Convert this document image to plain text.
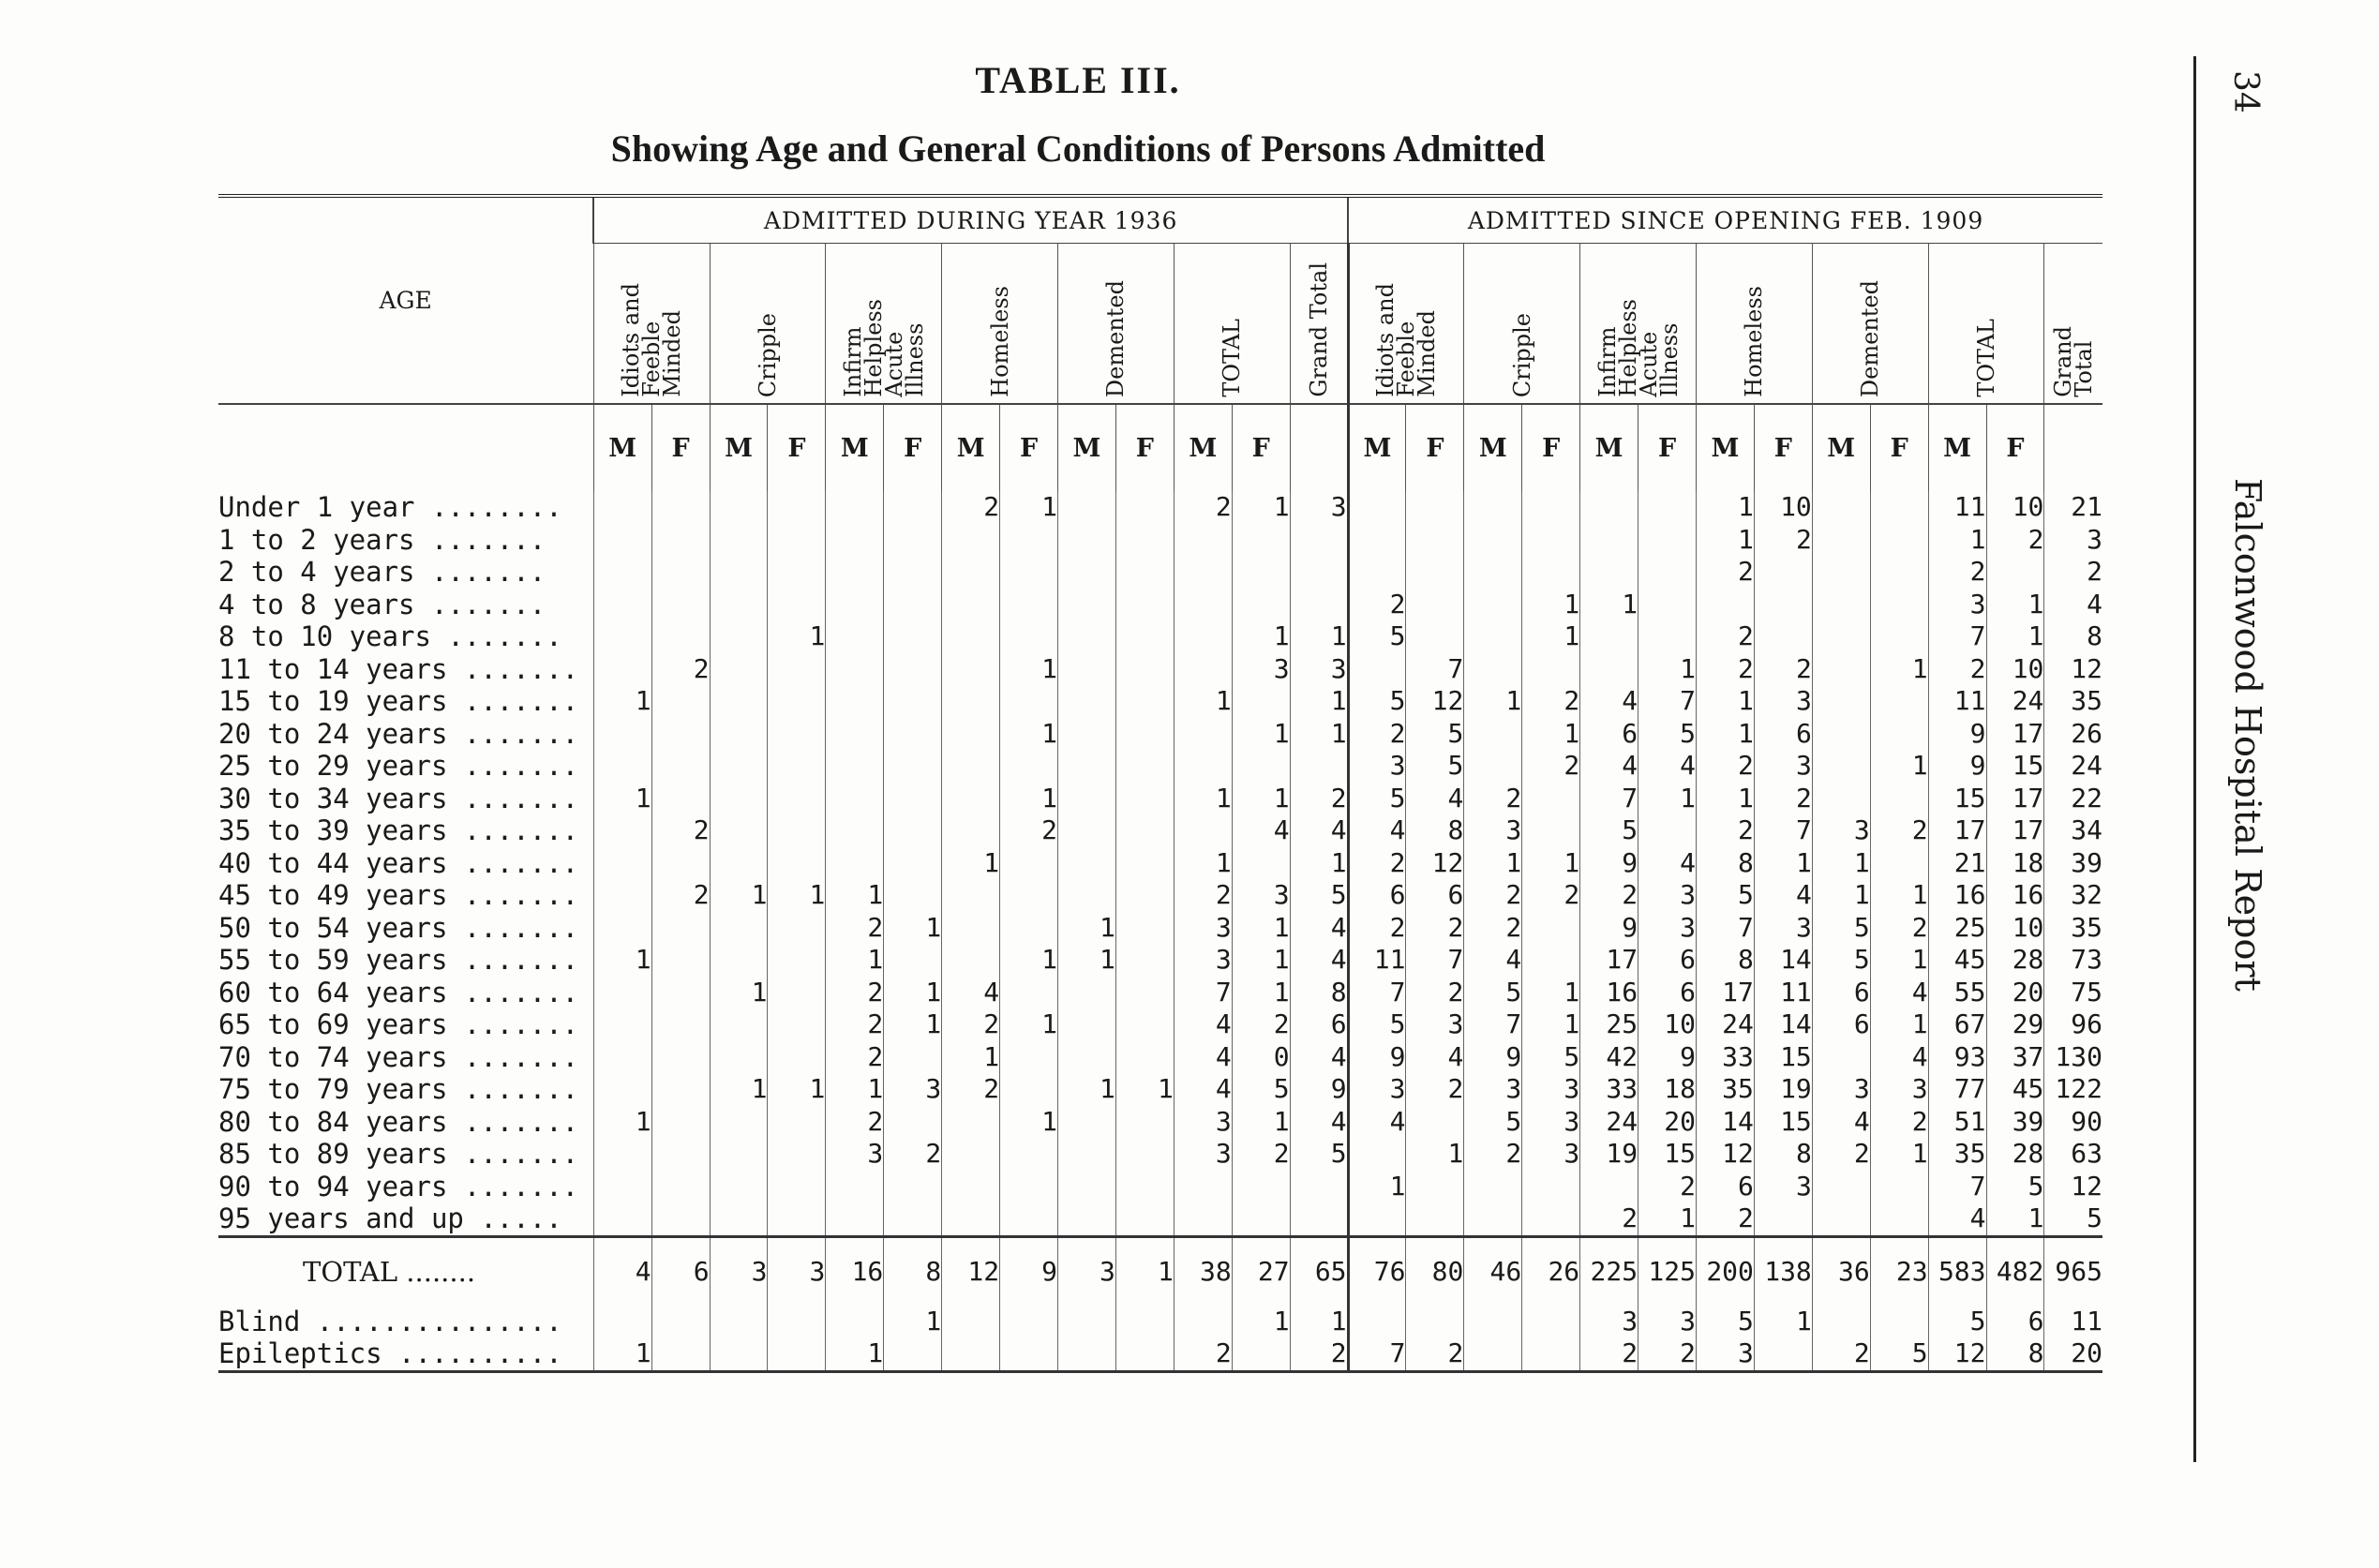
TABLE III.
Showing Age and General Conditions of Persons Admitted
34
Falconwood Hospital Report
AGE	ADMITTED DURING YEAR 1936													ADMITTED SINCE OPENING FEB. 1909												

	Idiots and
Feeble
Minded		Cripple		Infirm
Helpless
Acute
Illness		Homeless		Demented		TOTAL		Grand Total	Idiots and
Feeble
Minded		Cripple		Infirm
Helpless
Acute
Illness		Homeless		Demented		TOTAL		Grand
Total

	M	F	M	F	M	F	M	F	M	F	M	F		M	F	M	F	M	F	M	F	M	F	M	F	
Under 1 year ........							2	1			2	1	3							1	10			11	10	21
1 to 2 years .......																				1	2			1	2	3
2 to 4 years .......																				2				2		2
4 to 8 years .......														2			1	1						3	1	4
8 to 10 years .......				1								1	1	5			1			2				7	1	8
11 to 14 years .......		2						1				3	3		7				1	2	2		1	2	10	12
15 to 19 years .......	1										1		1	5	12	1	2	4	7	1	3			11	24	35
20 to 24 years .......								1				1	1	2	5		1	6	5	1	6			9	17	26
25 to 29 years .......														3	5		2	4	4	2	3		1	9	15	24
30 to 34 years .......	1							1			1	1	2	5	4	2		7	1	1	2			15	17	22
35 to 39 years .......		2						2				4	4	4	8	3		5		2	7	3	2	17	17	34
40 to 44 years .......							1				1		1	2	12	1	1	9	4	8	1	1		21	18	39
45 to 49 years .......		2	1	1	1						2	3	5	6	6	2	2	2	3	5	4	1	1	16	16	32
50 to 54 years .......					2	1			1		3	1	4	2	2	2		9	3	7	3	5	2	25	10	35
55 to 59 years .......	1				1			1	1		3	1	4	11	7	4		17	6	8	14	5	1	45	28	73
60 to 64 years .......			1		2	1	4				7	1	8	7	2	5	1	16	6	17	11	6	4	55	20	75
65 to 69 years .......					2	1	2	1			4	2	6	5	3	7	1	25	10	24	14	6	1	67	29	96
70 to 74 years .......					2		1				4	0	4	9	4	9	5	42	9	33	15		4	93	37	130
75 to 79 years .......			1	1	1	3	2		1	1	4	5	9	3	2	3	3	33	18	35	19	3	3	77	45	122
80 to 84 years .......	1				2			1			3	1	4	4		5	3	24	20	14	15	4	2	51	39	90
85 to 89 years .......					3	2					3	2	5		1	2	3	19	15	12	8	2	1	35	28	63
90 to 94 years .......														1					2	6	3			7	5	12
95 years and up .....																		2	1	2				4	1	5
TOTAL ........	4	6	3	3	16	8	12	9	3	1	38	27	65	76	80	46	26	225	125	200	138	36	23	583	482	965
Blind ...............						1						1	1					3	3	5	1			5	6	11
Epileptics ..........	1				1						2		2	7	2			2	2	3		2	5	12	8	20
